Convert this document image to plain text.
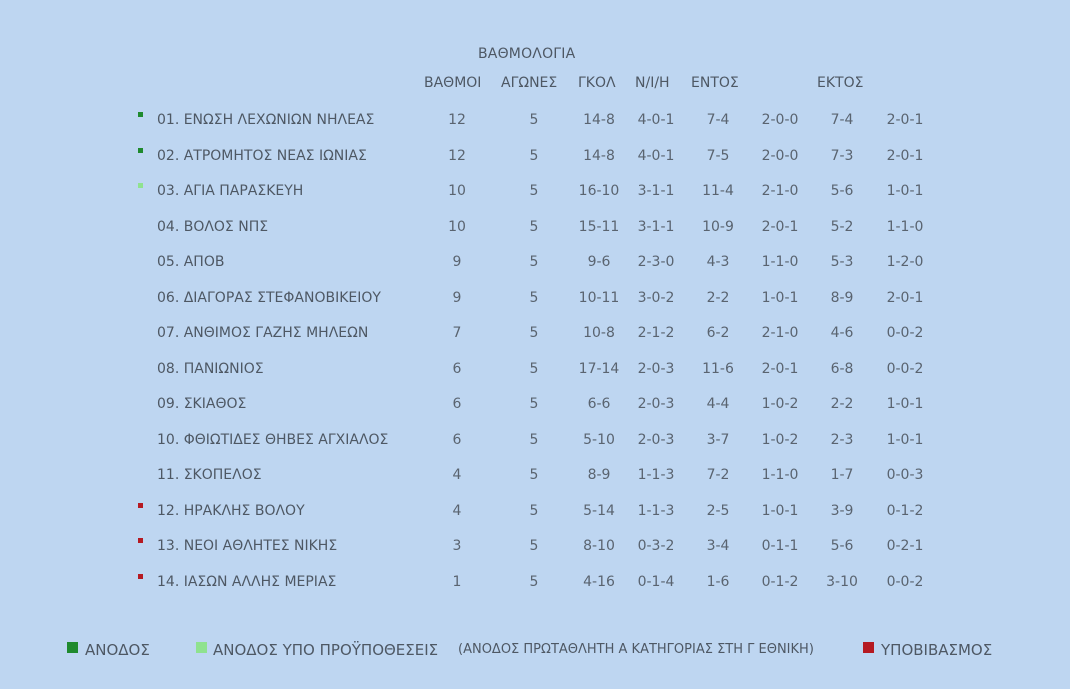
ΒΑΘΜΟΛΟΓΙΑ
ΒΑΘΜΟΙ ΑΓΩΝΕΣ ΓΚΟΛ Ν/Ι/Η ΕΝΤΟΣ	ΕΚΤΟΣ
01. ΕΝΩΣΗ ΛΕΧΩΝΙΩΝ ΝΗΛΕΑΣ	12	5	14-8 4-0-1 7-4 2-0-0 7-4 2-0-1
02. ΑΤΡΟΜΗΤΟΣ ΝΕΑΣ ΙΩΝΙΑΣ	12	5	14-8 4-0-1 7-5 2-0-0 7-3 2-0-1
03. ΑΓΙΑ ΠΑΡΑΣΚΕΥΗ	10	5	16-10 3-1-1 11-4 2-1-0 5-6 1-0-1
04. ΒΟΛΟΣ ΝΠΣ	10	5	15-11 3-1-1 10-9 2-0-1 5-2 1-1-0
05. ΑΠΟΒ	9	5	9-6 2-3-0 4-3 1-1-0 5-3 1-2-0
06. ΔΙΑΓΟΡΑΣ ΣΤΕΦΑΝΟΒΙΚΕΙΟΥ	9	5	10-11 3-0-2 2-2 1-0-1 8-9 2-0-1
07. ΑΝΘΙΜΟΣ ΓΑΖΗΣ ΜΗΛΕΩΝ	7	5	10-8 2-1-2 6-2 2-1-0 4-6 0-0-2
08. ΠΑΝΙΩΝΙΟΣ	6	5	17-14 2-0-3 11-6 2-0-1 6-8 0-0-2
09. ΣΚΙΑΘΟΣ	6	5	6-6 2-0-3 4-4 1-0-2 2-2 1-0-1
10. ΦΘΙΩΤΙΔΕΣ ΘΗΒΕΣ ΑΓΧΙΑΛΟΣ	6	5	5-10 2-0-3 3-7 1-0-2 2-3 1-0-1
11. ΣΚΟΠΕΛΟΣ	4	5	8-9 1-1-3 7-2 1-1-0 1-7 0-0-3
12. ΗΡΑΚΛΗΣ ΒΟΛΟΥ	4	5	5-14 1-1-3 2-5 1-0-1 3-9 0-1-2
13. ΝΕΟΙ ΑΘΛΗΤΕΣ ΝΙΚΗΣ	3	5	8-10 0-3-2 3-4 0-1-1 5-6 0-2-1
14. ΙΑΣΩΝ ΑΛΛΗΣ ΜΕΡΙΑΣ	1	5	4-16 0-1-4 1-6 0-1-2 3-10 0-0-2
ΑΝΟΔΟΣ	ΑΝΟΔΟΣ ΥΠΟ ΠΡΟΫΠΟΘΕΣΕΙΣ (ΑΝΟΔΟΣ ΠΡΩΤΑΘΛΗΤΗ Α ΚΑΤΗΓΟΡΙΑΣ ΣΤΗ Γ ΕΘΝΙΚΗ)	ΥΠΟΒΙΒΑΣΜΟΣ
